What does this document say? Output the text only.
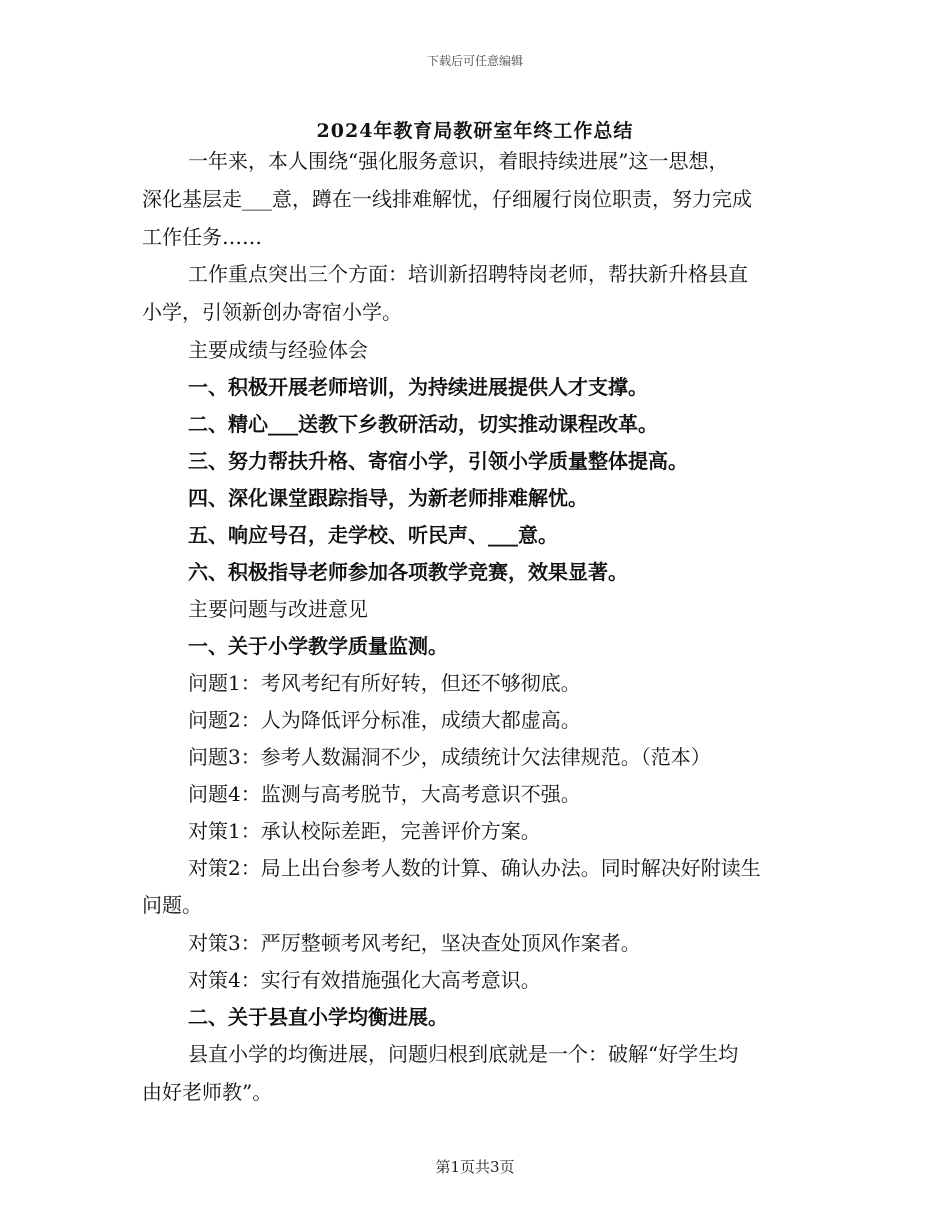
下载后可任意编辑
2024年教育局教研室年终工作总结

一年来，本人围绕“强化服务意识，着眼持续进展”这一思想，

深化基层走___意，蹲在一线排难解忧，仔细履行岗位职责，努力完成

工作任务……

工作重点突出三个方面：培训新招聘特岗老师，帮扶新升格县直

小学，引领新创办寄宿小学。

主要成绩与经验体会

一、积极开展老师培训，为持续进展提供人才支撑。

二、精心___送教下乡教研活动，切实推动课程改革。

三、努力帮扶升格、寄宿小学，引领小学质量整体提高。

四、深化课堂跟踪指导，为新老师排难解忧。

五、响应号召，走学校、听民声、___意。

六、积极指导老师参加各项教学竞赛，效果显著。

主要问题与改进意见

一、关于小学教学质量监测。

问题1：考风考纪有所好转，但还不够彻底。

问题2：人为降低评分标准，成绩大都虚高。

问题3：参考人数漏洞不少，成绩统计欠法律规范。（范本）

问题4：监测与高考脱节，大高考意识不强。

对策1：承认校际差距，完善评价方案。

对策2：局上出台参考人数的计算、确认办法。同时解决好附读生

问题。

对策3：严厉整顿考风考纪，坚决查处顶风作案者。

对策4：实行有效措施强化大高考意识。

二、关于县直小学均衡进展。

县直小学的均衡进展，问题归根到底就是一个：破解“好学生均

由好老师教”。

第1页共3页
